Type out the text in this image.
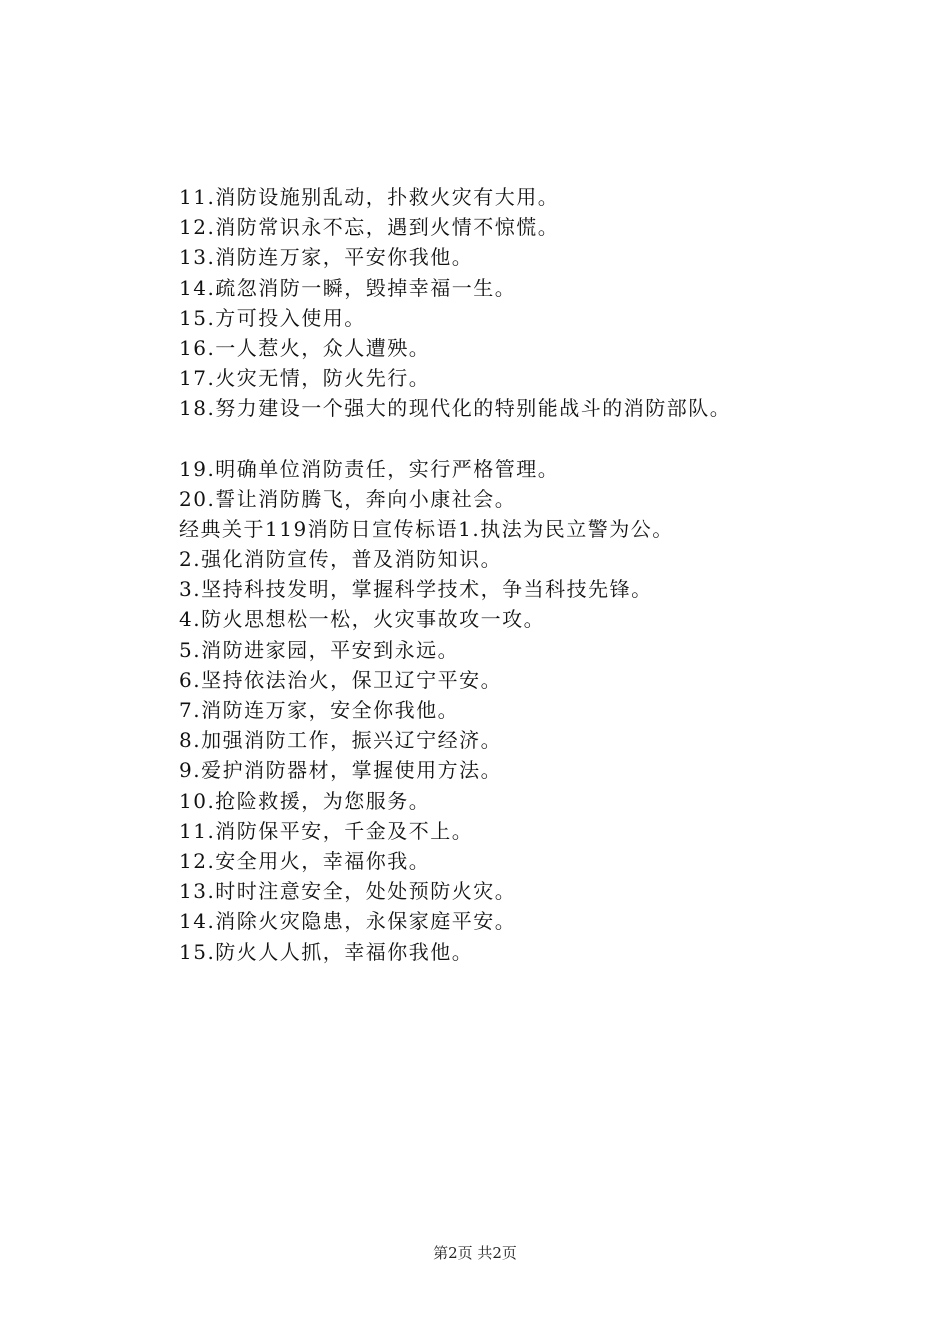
11.消防设施别乱动，扑救火灾有大用。
12.消防常识永不忘，遇到火情不惊慌。
13.消防连万家，平安你我他。
14.疏忽消防一瞬，毁掉幸福一生。
15.方可投入使用。
16.一人惹火，众人遭殃。
17.火灾无情，防火先行。
18.努力建设一个强大的现代化的特别能战斗的消防部队。
19.明确单位消防责任，实行严格管理。
20.誓让消防腾飞，奔向小康社会。
经典关于119消防日宣传标语1.执法为民立警为公。
2.强化消防宣传，普及消防知识。
3.坚持科技发明，掌握科学技术，争当科技先锋。
4.防火思想松一松，火灾事故攻一攻。
5.消防进家园，平安到永远。
6.坚持依法治火，保卫辽宁平安。
7.消防连万家，安全你我他。
8.加强消防工作，振兴辽宁经济。
9.爱护消防器材，掌握使用方法。
10.抢险救援，为您服务。
11.消防保平安，千金及不上。
12.安全用火，幸福你我。
13.时时注意安全，处处预防火灾。
14.消除火灾隐患，永保家庭平安。
15.防火人人抓，幸福你我他。
第2页 共2页
